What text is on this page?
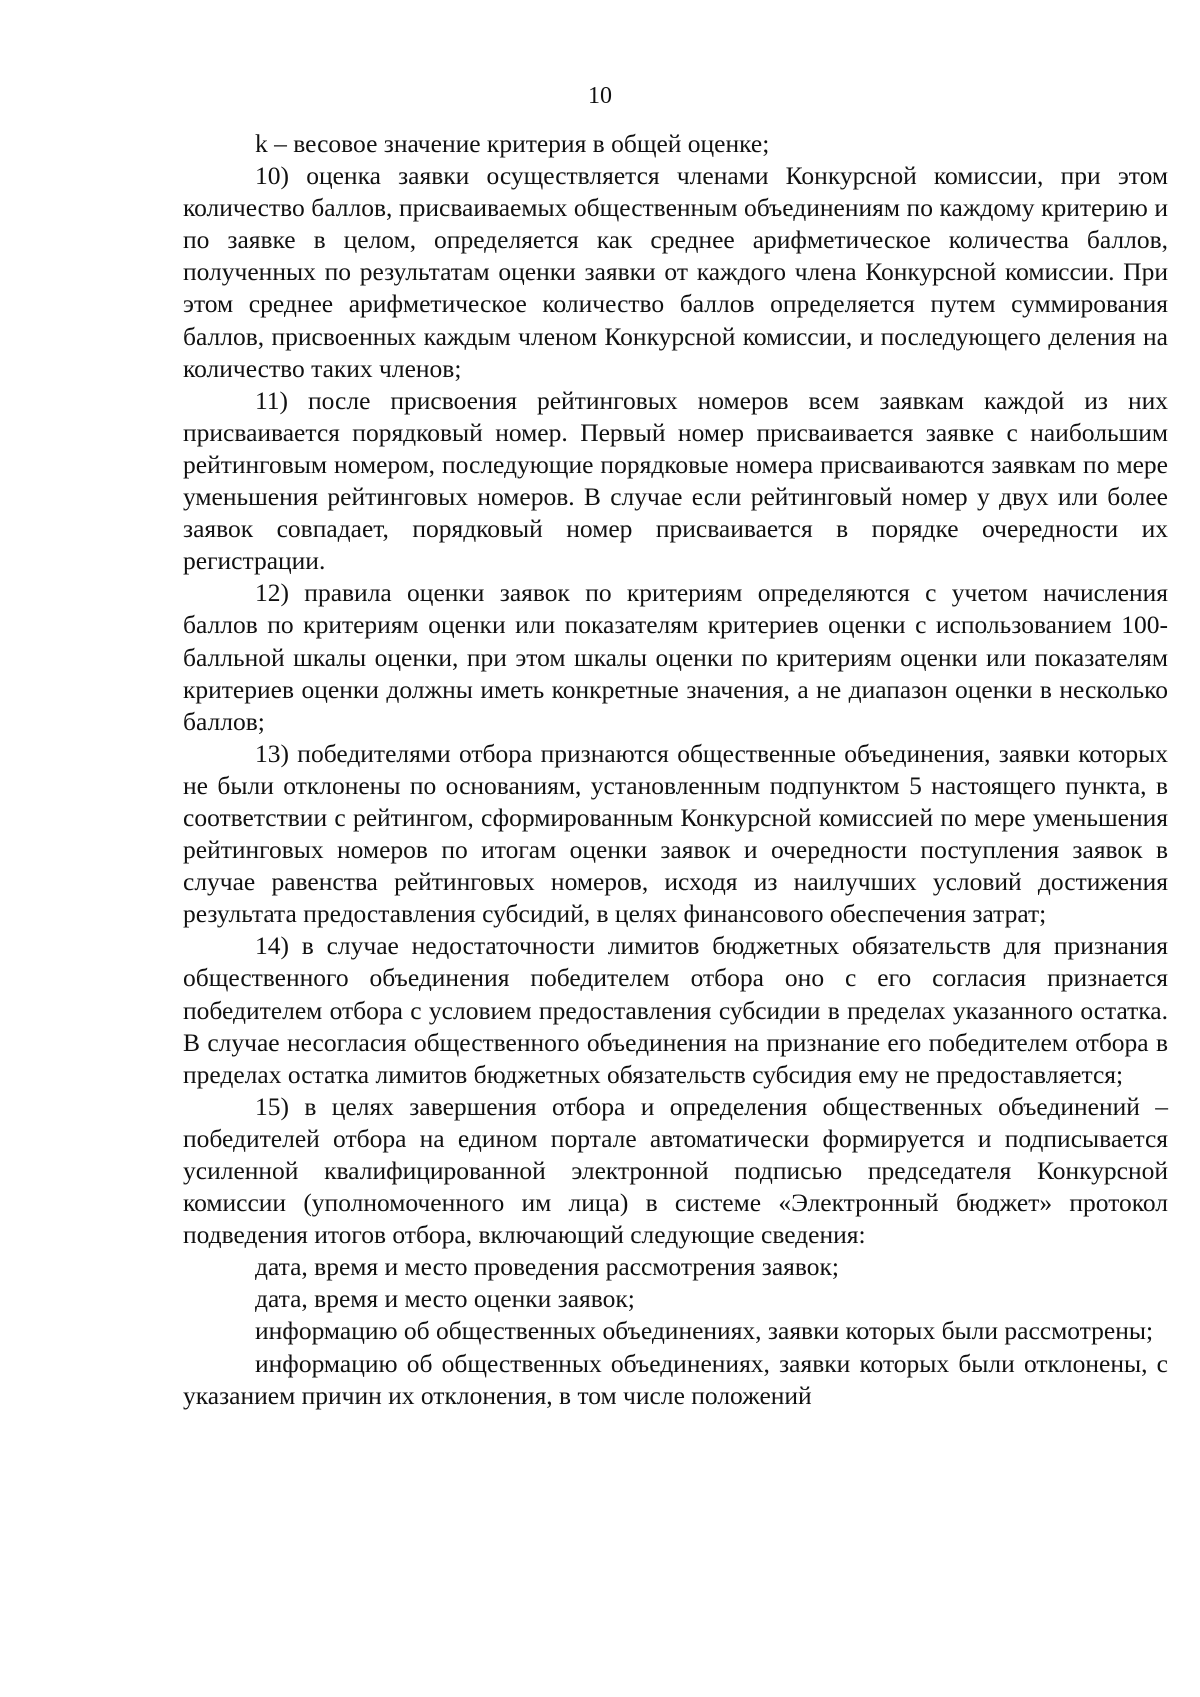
10

k – весовое значение критерия в общей оценке;

10) оценка заявки осуществляется членами Конкурсной комиссии, при этом количество баллов, присваиваемых общественным объединениям по каждому критерию и по заявке в целом, определяется как среднее арифметическое количества баллов, полученных по результатам оценки заявки от каждого члена Конкурсной комиссии. При этом среднее арифметическое количество баллов определяется путем суммирования баллов, присвоенных каждым членом Конкурсной комиссии, и последующего деления на количество таких членов;

11) после присвоения рейтинговых номеров всем заявкам каждой из них присваивается порядковый номер. Первый номер присваивается заявке с наибольшим рейтинговым номером, последующие порядковые номера присваиваются заявкам по мере уменьшения рейтинговых номеров. В случае если рейтинговый номер у двух или более заявок совпадает, порядковый номер присваивается в порядке очередности их регистрации.

12) правила оценки заявок по критериям определяются с учетом начисления баллов по критериям оценки или показателям критериев оценки с использованием 100-балльной шкалы оценки, при этом шкалы оценки по критериям оценки или показателям критериев оценки должны иметь конкретные значения, а не диапазон оценки в несколько баллов;

13) победителями отбора признаются общественные объединения, заявки которых не были отклонены по основаниям, установленным подпунктом 5 настоящего пункта, в соответствии с рейтингом, сформированным Конкурсной комиссией по мере уменьшения рейтинговых номеров по итогам оценки заявок и очередности поступления заявок в случае равенства рейтинговых номеров, исходя из наилучших условий достижения результата предоставления субсидий, в целях финансового обеспечения затрат;

14) в случае недостаточности лимитов бюджетных обязательств для признания общественного объединения победителем отбора оно с его согласия признается победителем отбора с условием предоставления субсидии в пределах указанного остатка. В случае несогласия общественного объединения на признание его победителем отбора в пределах остатка лимитов бюджетных обязательств субсидия ему не предоставляется;

15) в целях завершения отбора и определения общественных объединений – победителей отбора на едином портале автоматически формируется и подписывается усиленной квалифицированной электронной подписью председателя Конкурсной комиссии (уполномоченного им лица) в системе «Электронный бюджет» протокол подведения итогов отбора, включающий следующие сведения:

дата, время и место проведения рассмотрения заявок;

дата, время и место оценки заявок;

информацию об общественных объединениях, заявки которых были рассмотрены;

информацию об общественных объединениях, заявки которых были отклонены, с указанием причин их отклонения, в том числе положений
